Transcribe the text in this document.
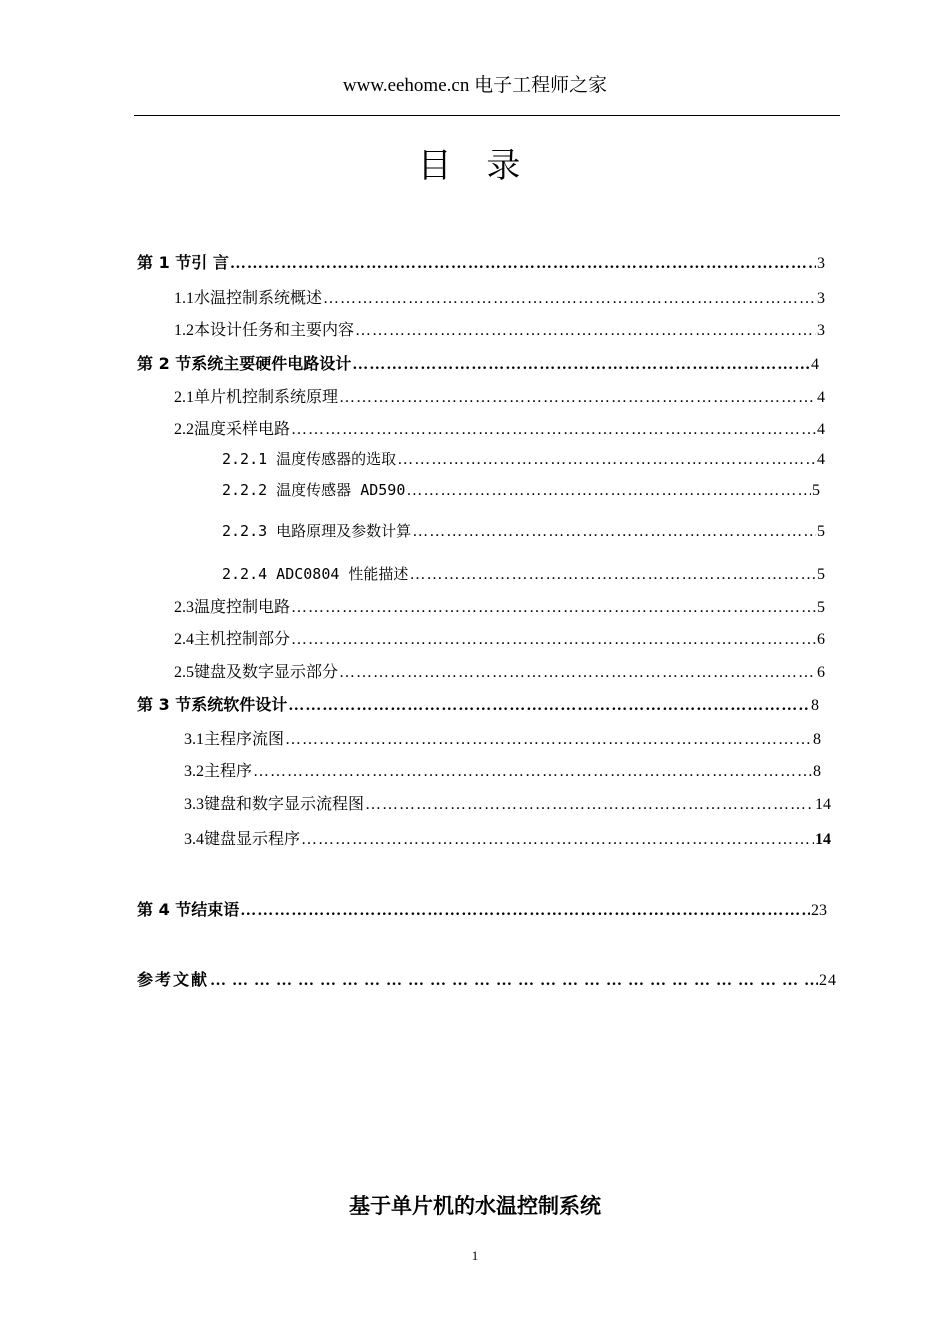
www.eehome.cn 电子工程师之家
目 录
第 1 节 引 言 ……………………………………………………………………………………………………………………………………………………………………………………………………………………	3
1.1 水温控制系统概述 ……………………………………………………………………………………………………………………………………………………………………………………………………………………	3
1.2 本设计任务和主要内容 ……………………………………………………………………………………………………………………………………………………………………………………………………………………	3
第 2 节 系统主要硬件电路设计 ……………………………………………………………………………………………………………………………………………………………………………………………………………………	4
2.1 单片机控制系统原理 ……………………………………………………………………………………………………………………………………………………………………………………………………………………	4
2.2 温度采样电路 ……………………………………………………………………………………………………………………………………………………………………………………………………………………	4
2.2.1 温度传感器的选取 ……………………………………………………………………………………………………………………………………………………………………………………………………………………	4
2.2.2 温度传感器 AD590 ……………………………………………………………………………………………………………………………………………………………………………………………………………………	5
2.2.3 电路原理及参数计算 ……………………………………………………………………………………………………………………………………………………………………………………………………………………	5
2.2.4 ADC0804 性能描述 ……………………………………………………………………………………………………………………………………………………………………………………………………………………	5
2.3 温度控制电路 ……………………………………………………………………………………………………………………………………………………………………………………………………………………	5
2.4 主机控制部分 ……………………………………………………………………………………………………………………………………………………………………………………………………………………	6
2.5 键盘及数字显示部分 ……………………………………………………………………………………………………………………………………………………………………………………………………………………	6
第 3 节 系统软件设计 ……………………………………………………………………………………………………………………………………………………………………………………………………………………	8
3.1 主程序流图 ……………………………………………………………………………………………………………………………………………………………………………………………………………………	8
3.2 主程序 ……………………………………………………………………………………………………………………………………………………………………………………………………………………	8
3.3 键盘和数字显示流程图 ……………………………………………………………………………………………………………………………………………………………………………………………………………………	14
3.4 键盘显示程序 ……………………………………………………………………………………………………………………………………………………………………………………………………………………	14
第 4 节 结束语 ……………………………………………………………………………………………………………………………………………………………………………………………………………………	23
参考文献 … … … … … … … … … … … … … … … … … … … … … … … … … … … … … … … … … … … … … … … … … … … … … … … … … … … … … … … … … … … … …	24
基于单片机的水温控制系统
1
